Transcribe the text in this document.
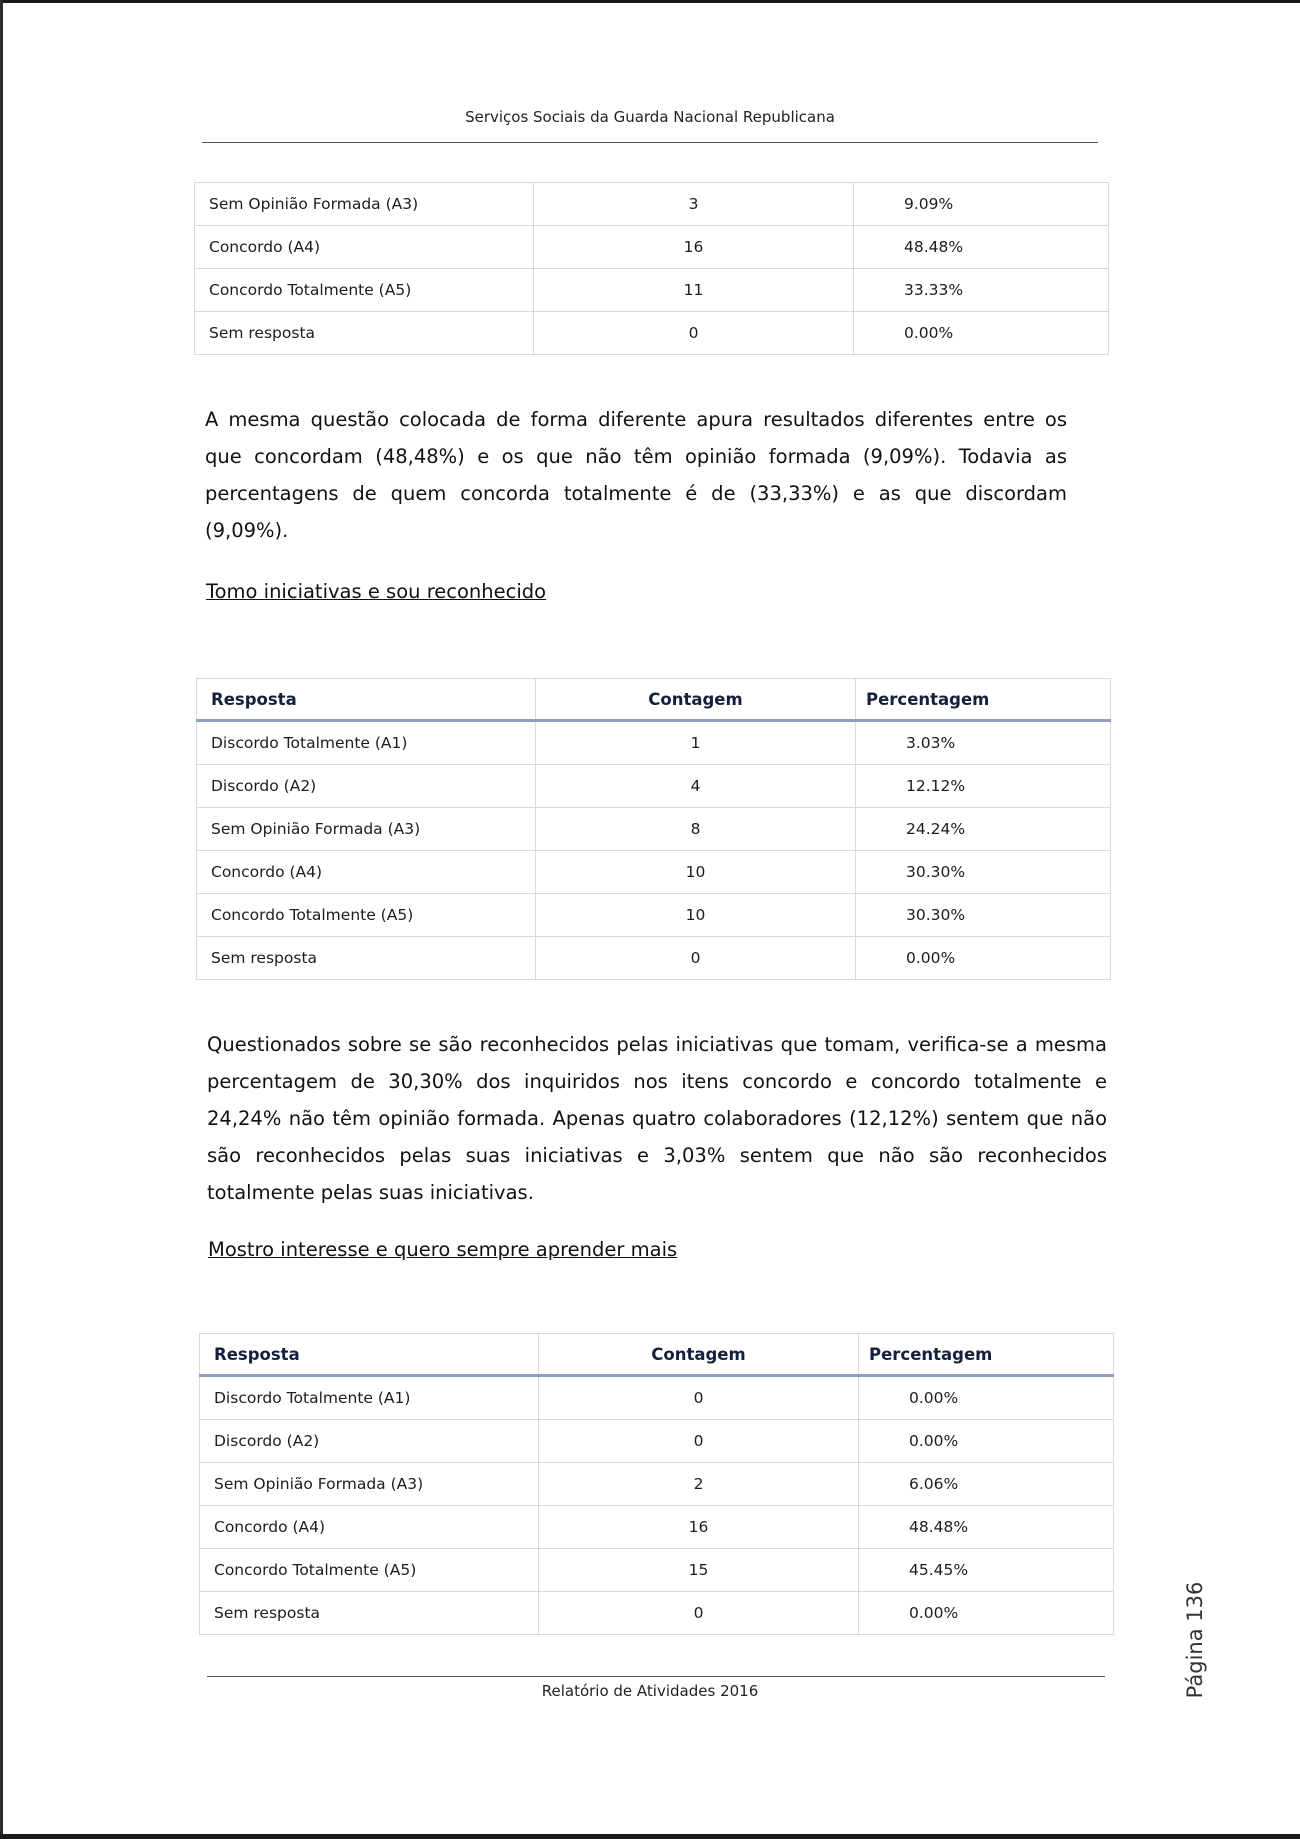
Serviços Sociais da Guarda Nacional Republicana
Sem Opinião Formada (A3)	3	9.09%
Concordo (A4)	16	48.48%
Concordo Totalmente (A5)	11	33.33%
Sem resposta	0	0.00%

A mesma questão colocada de forma diferente apura resultados diferentes entre os que concordam (48,48%) e os que não têm opinião formada (9,09%). Todavia as percentagens de quem concorda totalmente é de (33,33%) e as que discordam (9,09%).

Tomo iniciativas e sou reconhecido
Resposta	Contagem	Percentagem
Discordo Totalmente (A1)	1	3.03%
Discordo (A2)	4	12.12%
Sem Opinião Formada (A3)	8	24.24%
Concordo (A4)	10	30.30%
Concordo Totalmente (A5)	10	30.30%
Sem resposta	0	0.00%

Questionados sobre se são reconhecidos pelas iniciativas que tomam, verifica-se a mesma percentagem de 30,30% dos inquiridos nos itens concordo e concordo totalmente e 24,24% não têm opinião formada. Apenas quatro colaboradores (12,12%) sentem que não são reconhecidos pelas suas iniciativas e 3,03% sentem que não são reconhecidos totalmente pelas suas iniciativas.

Mostro interesse e quero sempre aprender mais
Resposta	Contagem	Percentagem
Discordo Totalmente (A1)	0	0.00%
Discordo (A2)	0	0.00%
Sem Opinião Formada (A3)	2	6.06%
Concordo (A4)	16	48.48%
Concordo Totalmente (A5)	15	45.45%
Sem resposta	0	0.00%
Relatório de Atividades 2016	Página 136
